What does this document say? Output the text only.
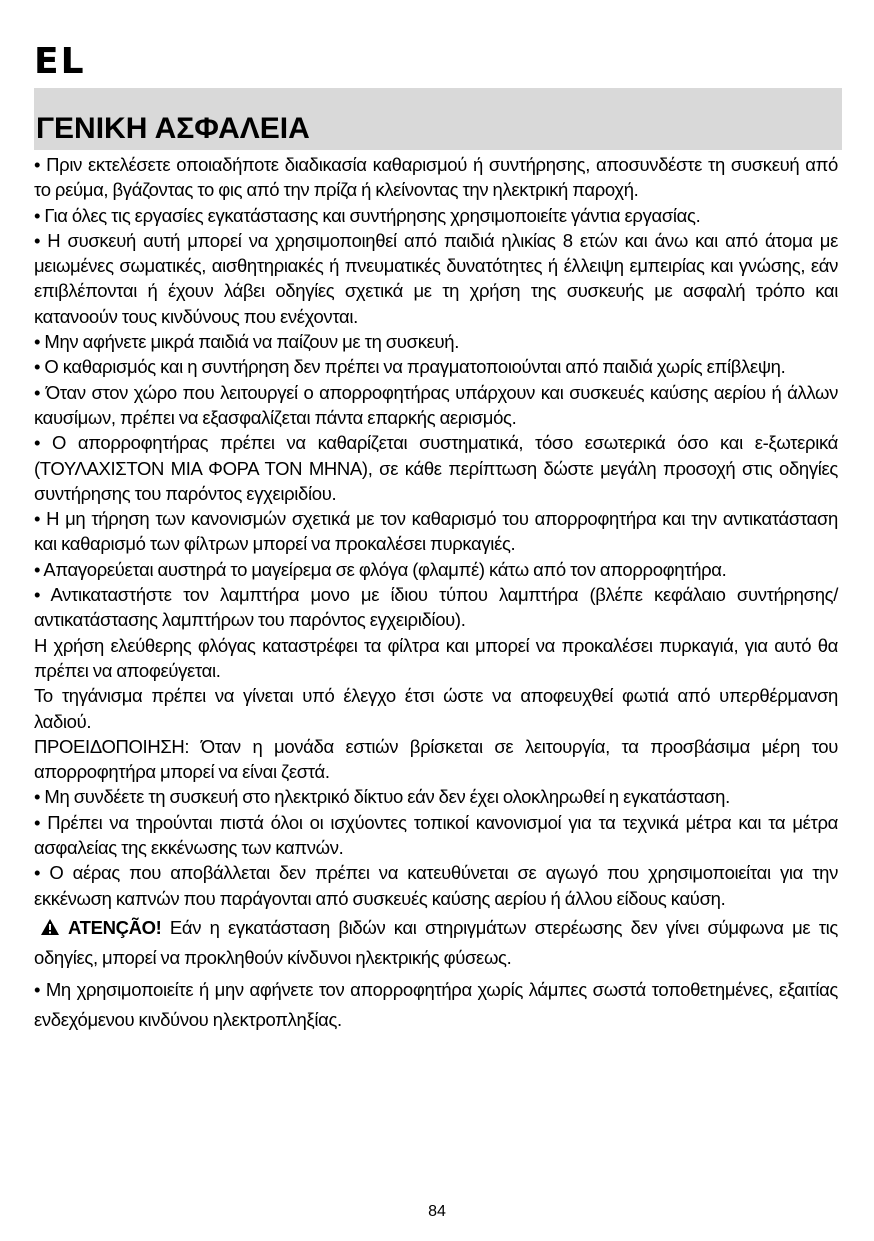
EL
ΓΕΝΙΚΗ ΑΣΦΑΛΕΙΑ

• Πριν εκτελέσετε οποιαδήποτε διαδικασία καθαρισμού ή συντήρησης, αποσυνδέστε τη συσκευή από το ρεύμα, βγάζοντας το φις από την πρίζα ή κλείνοντας την ηλεκτρική παροχή.

• Για όλες τις εργασίες εγκατάστασης και συντήρησης χρησιμοποιείτε γάντια εργασίας.

• Η συσκευή αυτή μπορεί να χρησιμοποιηθεί από παιδιά ηλικίας 8 ετών και άνω και από άτομα με μειωμένες σωματικές, αισθητηριακές ή πνευματικές δυνατότητες ή έλλειψη εμπειρίας και γνώσης, εάν επιβλέπονται ή έχουν λάβει οδηγίες σχετικά με τη χρήση της συσκευής με ασφαλή τρόπο και κατανοούν τους κινδύνους που ενέχονται.

• Μην αφήνετε μικρά παιδιά να παίζουν με τη συσκευή.

• Ο καθαρισμός και η συντήρηση δεν πρέπει να πραγματοποιούνται από παιδιά χωρίς επίβλεψη.

• Όταν στον χώρο που λειτουργεί ο απορροφητήρας υπάρχουν και συσκευές καύσης αερίου ή άλλων καυσίμων, πρέπει να εξασφαλίζεται πάντα επαρκής αερισμός.

• Ο απορροφητήρας πρέπει να καθαρίζεται συστηματικά, τόσο εσωτερικά όσο και ε-ξωτερικά (ΤΟΥΛΑΧΙΣΤΟΝ ΜΙΑ ΦΟΡΑ ΤΟΝ ΜΗΝΑ), σε κάθε περίπτωση δώστε μεγάλη προσοχή στις οδηγίες συντήρησης του παρόντος εγχειριδίου.

• Η μη τήρηση των κανονισμών σχετικά με τον καθαρισμό του απορροφητήρα και την αντικατάσταση και καθαρισμό των φίλτρων μπορεί να προκαλέσει πυρκαγιές.

• Απαγορεύεται αυστηρά το μαγείρεμα σε φλόγα (φλαμπέ) κάτω από τον απορροφητήρα.

• Αντικαταστήστε τον λαμπτήρα μονο με ίδιου τύπου λαμπτήρα (βλέπε κεφάλαιο συντήρησης/αντικατάστασης λαμπτήρων του παρόντος εγχειριδίου).

Η χρήση ελεύθερης φλόγας καταστρέφει τα φίλτρα και μπορεί να προκαλέσει πυρκαγιά, για αυτό θα πρέπει να αποφεύγεται.

Το τηγάνισμα πρέπει να γίνεται υπό έλεγχο έτσι ώστε να αποφευχθεί φωτιά από υπερθέρμανση λαδιού.

ΠΡΟΕΙΔΟΠΟΙΗΣΗ: Όταν η μονάδα εστιών βρίσκεται σε λειτουργία, τα προσβάσιμα μέρη του απορροφητήρα μπορεί να είναι ζεστά.

• Μη συνδέετε τη συσκευή στο ηλεκτρικό δίκτυο εάν δεν έχει ολοκληρωθεί η εγκατάσταση.

• Πρέπει να τηρούνται πιστά όλοι οι ισχύοντες τοπικοί κανονισμοί για τα τεχνικά μέτρα και τα μέτρα ασφαλείας της εκκένωσης των καπνών.

• Ο αέρας που αποβάλλεται δεν πρέπει να κατευθύνεται σε αγωγό που χρησιμοποιείται για την εκκένωση καπνών που παράγονται από συσκευές καύσης αερίου ή άλλου είδους καύση.

ATENÇÃO! Εάν η εγκατάσταση βιδών και στηριγμάτων στερέωσης δεν γίνει σύμφωνα με τις οδηγίες, μπορεί να προκληθούν κίνδυνοι ηλεκτρικής φύσεως.

• Μη χρησιμοποιείτε ή μην αφήνετε τον απορροφητήρα χωρίς λάμπες σωστά τοποθετημένες, εξαιτίας ενδεχόμενου κινδύνου ηλεκτροπληξίας.

84
